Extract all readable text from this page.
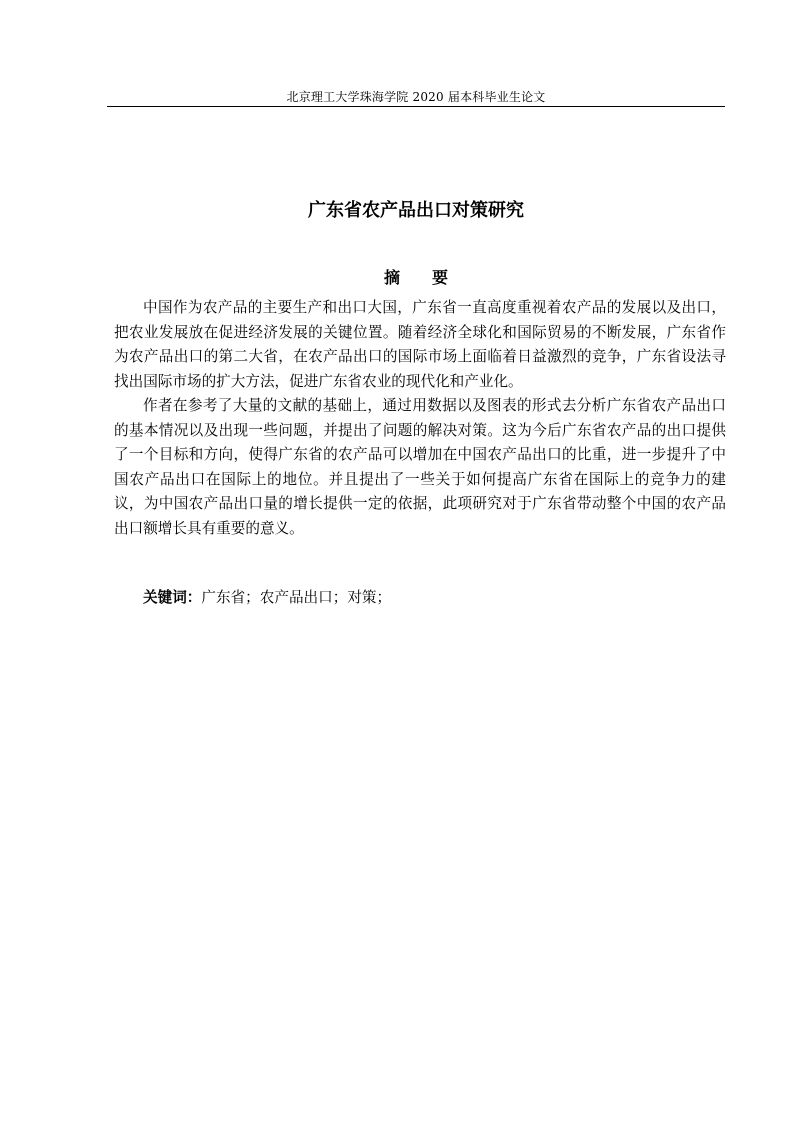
北京理工大学珠海学院 2020 届本科毕业生论文
广东省农产品出口对策研究
摘   要

中国作为农产品的主要生产和出口大国，广东省一直高度重视着农产品的发展以及出口，把农业发展放在促进经济发展的关键位置。随着经济全球化和国际贸易的不断发展，广东省作为农产品出口的第二大省，在农产品出口的国际市场上面临着日益激烈的竞争，广东省设法寻找出国际市场的扩大方法，促进广东省农业的现代化和产业化。

作者在参考了大量的文献的基础上，通过用数据以及图表的形式去分析广东省农产品出口的基本情况以及出现一些问题，并提出了问题的解决对策。这为今后广东省农产品的出口提供了一个目标和方向，使得广东省的农产品可以增加在中国农产品出口的比重，进一步提升了中国农产品出口在国际上的地位。并且提出了一些关于如何提高广东省在国际上的竞争力的建议，为中国农产品出口量的增长提供一定的依据，此项研究对于广东省带动整个中国的农产品出口额增长具有重要的意义。

关键词：广东省；农产品出口；对策；
